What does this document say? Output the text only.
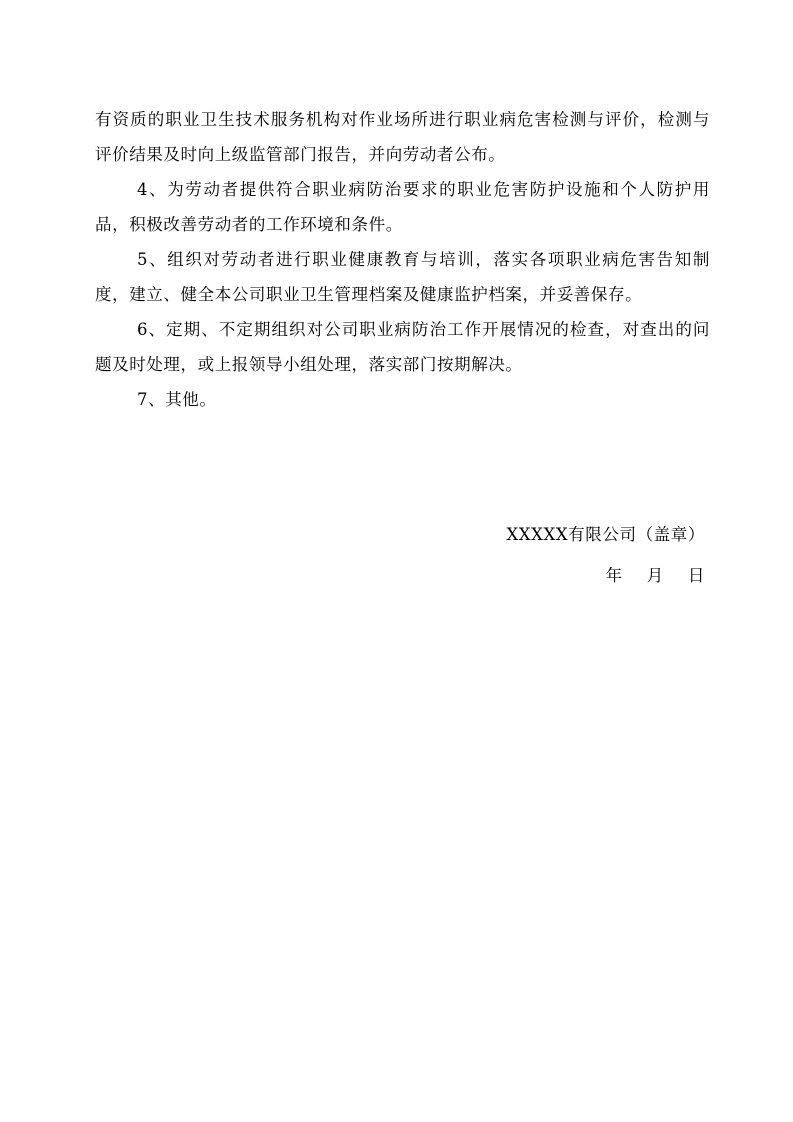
有资质的职业卫生技术服务机构对作业场所进行职业病危害检测与评价，检测与评价结果及时向上级监管部门报告，并向劳动者公布。

4、为劳动者提供符合职业病防治要求的职业危害防护设施和个人防护用品，积极改善劳动者的工作环境和条件。

5、组织对劳动者进行职业健康教育与培训，落实各项职业病危害告知制度，建立、健全本公司职业卫生管理档案及健康监护档案，并妥善保存。

6、定期、不定期组织对公司职业病防治工作开展情况的检查，对查出的问题及时处理，或上报领导小组处理，落实部门按期解决。

7、其他。

XXXXX有限公司（盖章）
年 月 日
